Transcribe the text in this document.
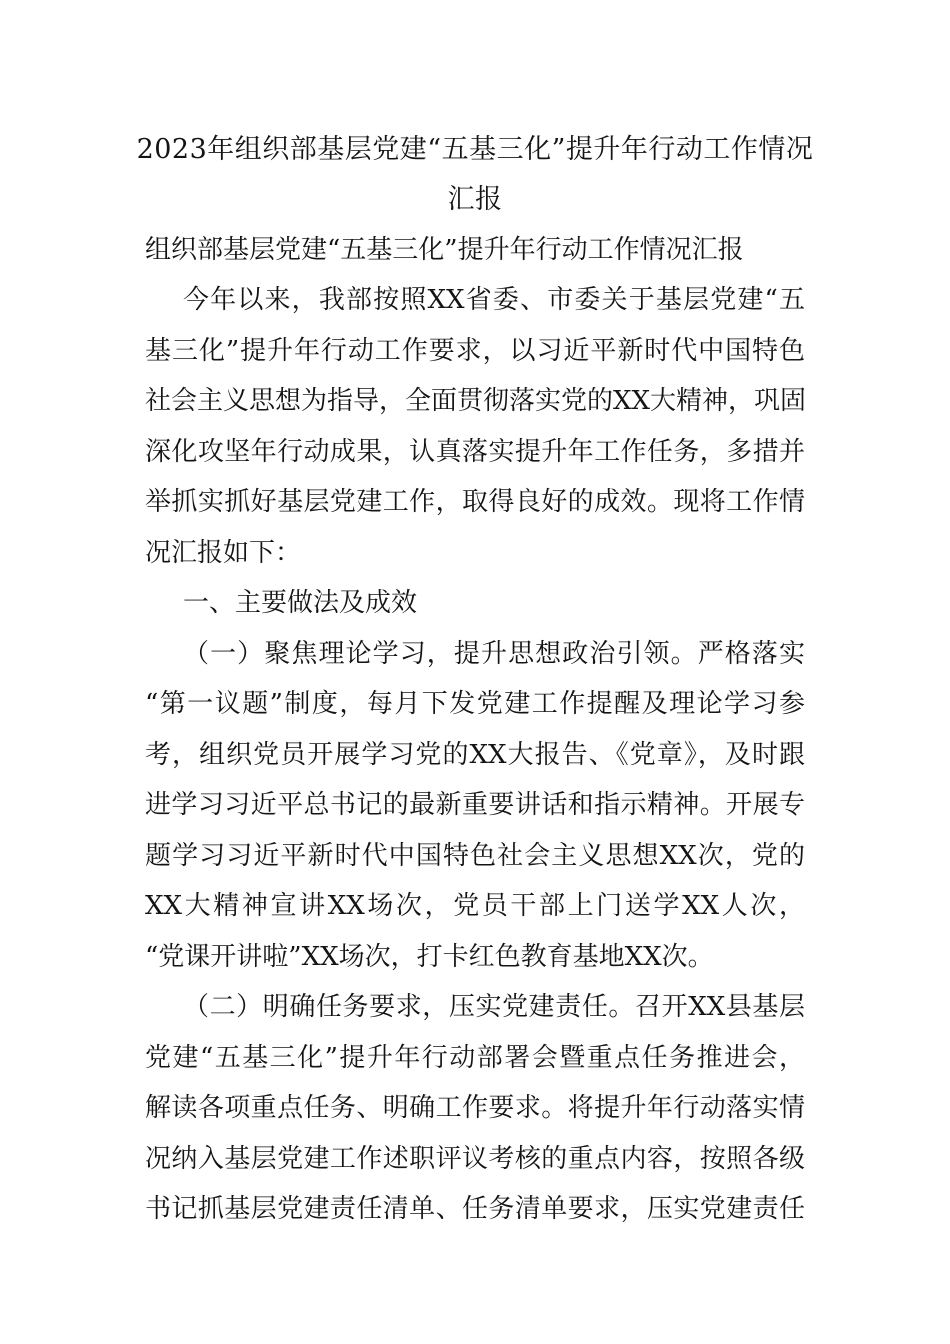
2023年组织部基层党建“五基三化”提升年行动工作情况
汇报
组织部基层党建“五基三化”提升年行动工作情况汇报
今年以来，我部按照XX省委、市委关于基层党建“五
基三化”提升年行动工作要求，以习近平新时代中国特色
社会主义思想为指导，全面贯彻落实党的XX大精神，巩固
深化攻坚年行动成果，认真落实提升年工作任务，多措并
举抓实抓好基层党建工作，取得良好的成效。现将工作情
况汇报如下：
一、主要做法及成效
（一）聚焦理论学习，提升思想政治引领。严格落实
“第一议题”制度，每月下发党建工作提醒及理论学习参
考，组织党员开展学习党的XX大报告、《党章》，及时跟
进学习习近平总书记的最新重要讲话和指示精神。开展专
题学习习近平新时代中国特色社会主义思想XX次，党的
XX大精神宣讲XX场次，党员干部上门送学XX人次，
“党课开讲啦”XX场次，打卡红色教育基地XX次。
（二）明确任务要求，压实党建责任。召开XX县基层
党建“五基三化”提升年行动部署会暨重点任务推进会，
解读各项重点任务、明确工作要求。将提升年行动落实情
况纳入基层党建工作述职评议考核的重点内容，按照各级
书记抓基层党建责任清单、任务清单要求，压实党建责任
